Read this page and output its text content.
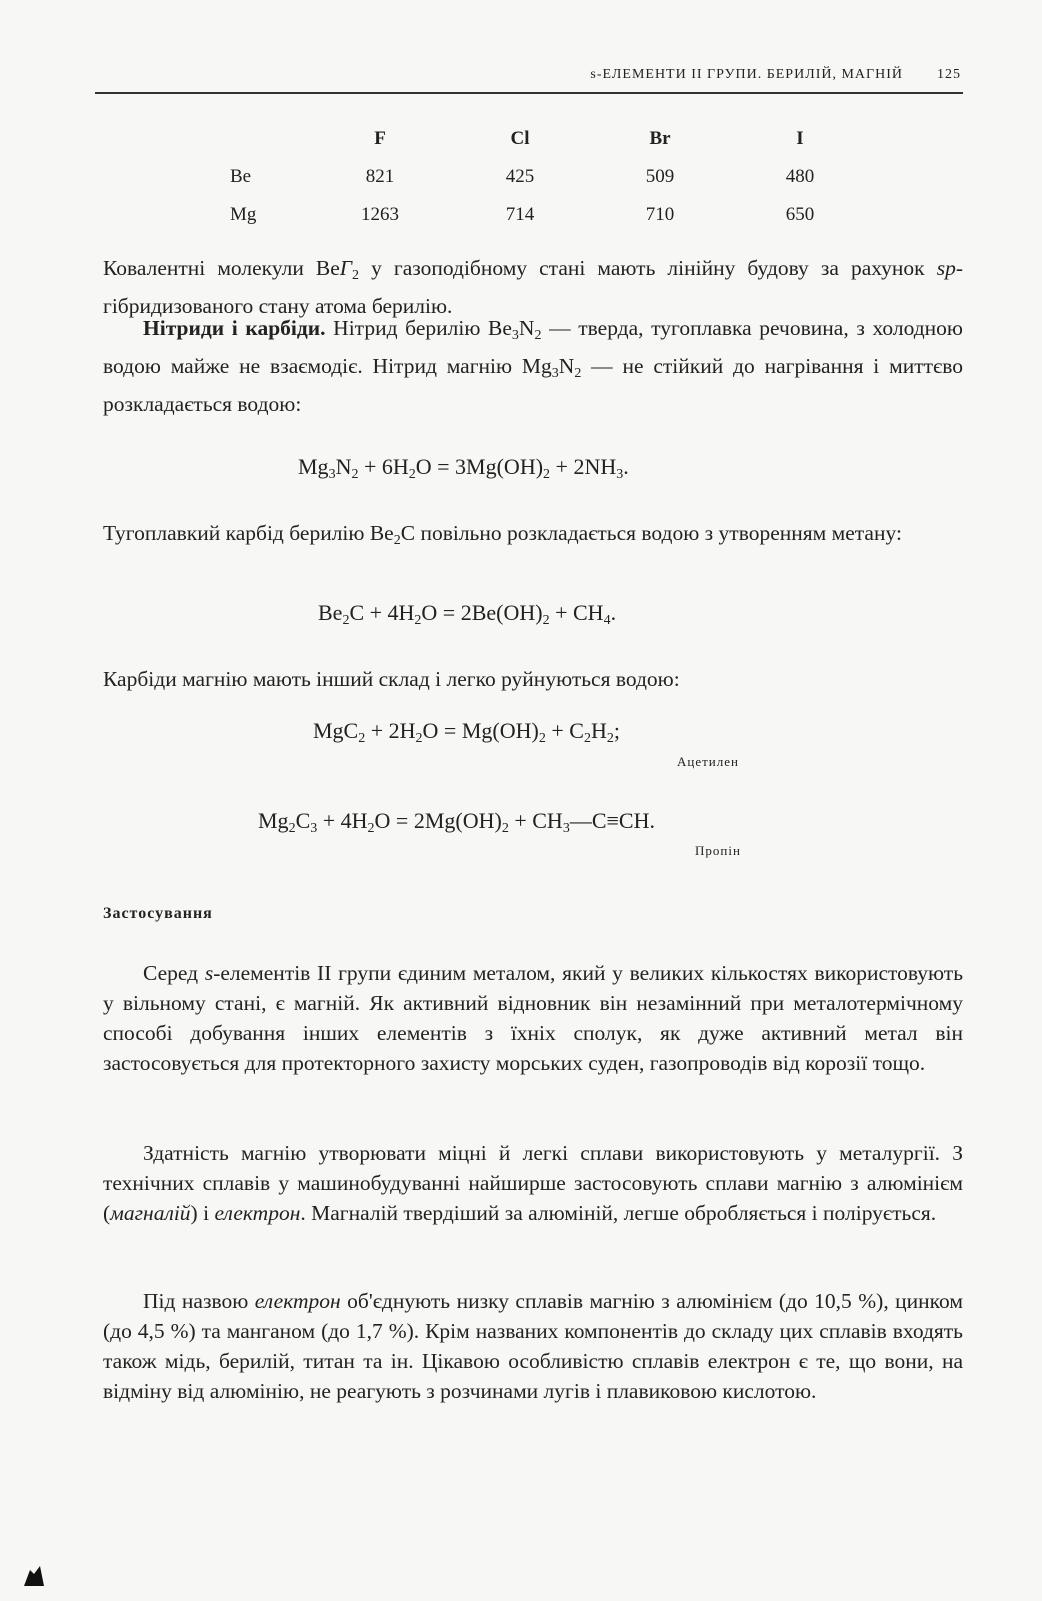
s-ЕЛЕМЕНТИ II ГРУПИ. БЕРИЛІЙ, МАГНІЙ 125
	F	Cl	Br	I
Be	821	425	509	480
Mg	1263	714	710	650

Ковалентні молекули BeГ$_2$ у газоподібному стані мають лінійну будову за рахунок sp-гібридизованого стану атома берилію.

Нітриди і карбіди. Нітрид берилію $Be_3N_2$ — тверда, тугоплавка речовина, з холодною водою майже не взаємодіє. Нітрид магнію $Mg_3N_2$ — не стійкий до нагрівання і миттєво розкладається водою:

$Mg_3N_2 + 6H_2O = 3Mg(OH)_2 + 2NH_3$.

Тугоплавкий карбід берилію $Be_2C$ повільно розкладається водою з утворенням метану:

$Be_2C + 4H_2O = 2Be(OH)_2 + CH_4$.

Карбіди магнію мають інший склад і легко руйнуються водою:

$MgC_2 + 2H_2O = Mg(OH)_2 + C_2H_2$;
Ацетилен
$Mg_2C_3 + 4H_2O = 2Mg(OH)_2$ + $CH_3—C\equiv CH$.
Пропін
Застосування

Серед s-елементів II групи єдиним металом, який у великих кількостях використовують у вільному стані, є магній. Як активний відновник він незамінний при металотермічному способі добування інших елементів з їхніх сполук, як дуже активний метал він застосовується для протекторного захисту морських суден, газопроводів від корозії тощо.

Здатність магнію утворювати міцні й легкі сплави використовують у металургії. З технічних сплавів у машинобудуванні найширше застосовують сплави магнію з алюмінієм (магналій) і електрон. Магналій твердіший за алюміній, легше обробляється і полірується.

Під назвою електрон об'єднують низку сплавів магнію з алюмінієм (до 10,5 %), цинком (до 4,5 %) та манганом (до 1,7 %). Крім названих компонентів до складу цих сплавів входять також мідь, берилій, титан та ін. Цікавою особливістю сплавів електрон є те, що вони, на відміну від алюмінію, не реагують з розчинами лугів і плавиковою кислотою.
